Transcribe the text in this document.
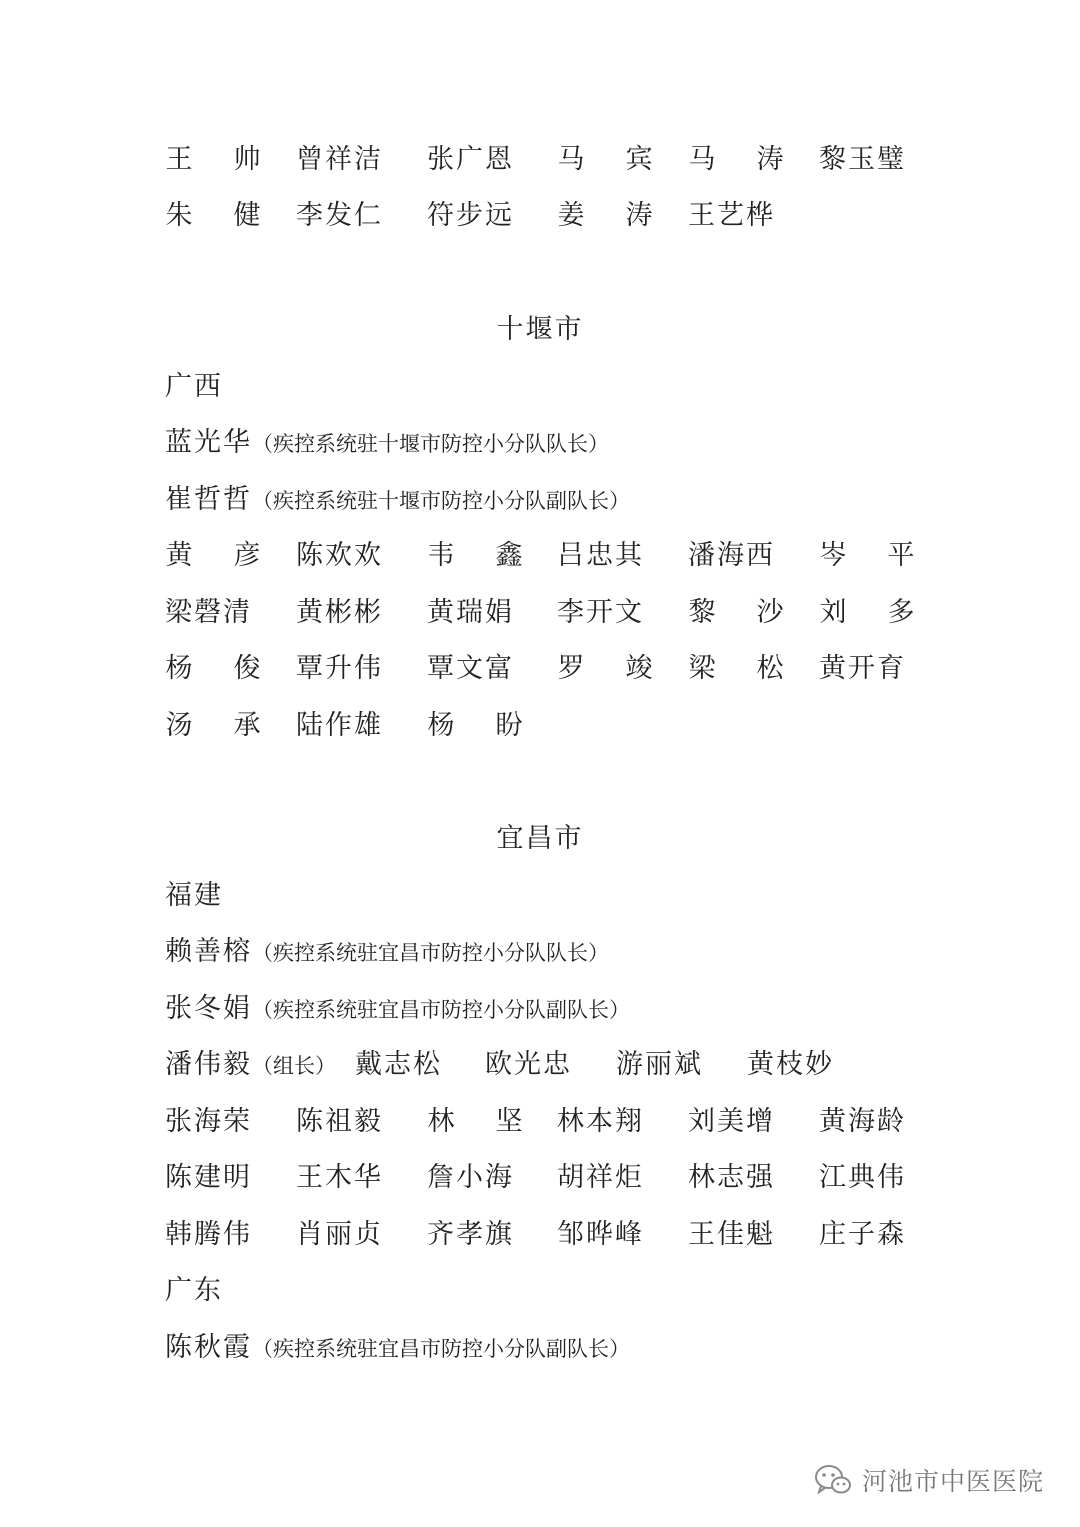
王 帅 曾祥洁 张广恩 马 宾 马 涛 黎玉璧
朱 健 李发仁 符步远 姜 涛 王艺桦
十堰市
广西
蓝光华（疾控系统驻十堰市防控小分队队长）
崔哲哲（疾控系统驻十堰市防控小分队副队长）
黄 彦 陈欢欢 韦 鑫 吕忠其 潘海西 岑 平
梁磬清 黄彬彬 黄瑞娟 李开文 黎 沙 刘 多
杨 俊 覃升伟 覃文富 罗 竣 梁 松 黄开育
汤 承 陆作雄 杨 盼
宜昌市
福建
赖善榕（疾控系统驻宜昌市防控小分队队长）
张冬娟（疾控系统驻宜昌市防控小分队副队长）
潘伟毅（组长） 戴志松 欧光忠 游丽斌 黄枝妙
张海荣 陈祖毅 林 坚 林本翔 刘美增 黄海龄
陈建明 王木华 詹小海 胡祥炬 林志强 江典伟
韩腾伟 肖丽贞 齐孝旗 邹晔峰 王佳魁 庄子森
广东
陈秋霞（疾控系统驻宜昌市防控小分队副队长）
河池市中医医院
